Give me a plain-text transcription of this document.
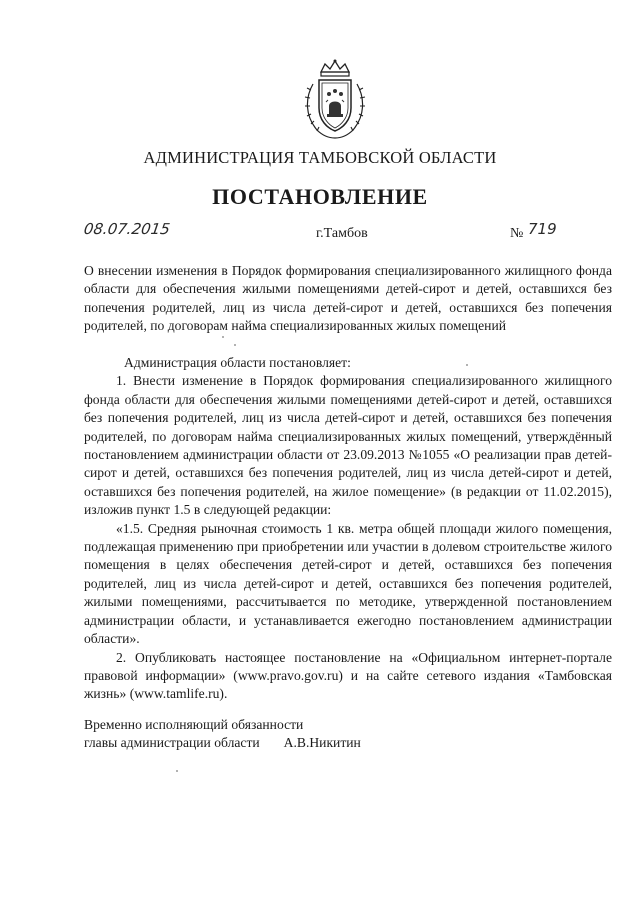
АДМИНИСТРАЦИЯ ТАМБОВСКОЙ ОБЛАСТИ
ПОСТАНОВЛЕНИЕ
08.07.2015	г.Тамбов	№ 719
О внесении изменения в Порядок формирования специализированного жилищного фонда области для обеспечения жилыми помещениями детей-сирот и детей, оставшихся без попечения родителей, лиц из числа детей-сирот и детей, оставшихся без попечения родителей, по договорам найма специализированных жилых помещений

Администрация области постановляет:

1. Внести изменение в Порядок формирования специализированного жилищного фонда области для обеспечения жилыми помещениями детей-сирот и детей, оставшихся без попечения родителей, лиц из числа детей-сирот и детей, оставшихся без попечения родителей, по договорам найма специализированных жилых помещений, утверждённый постановлением администрации области от 23.09.2013 №1055 «О реализации прав детей-сирот и детей, оставшихся без попечения родителей, лиц из числа детей-сирот и детей, оставшихся без попечения родителей, на жилое помещение» (в редакции от 11.02.2015), изложив пункт 1.5 в следующей редакции:

«1.5. Средняя рыночная стоимость 1 кв. метра общей площади жилого помещения, подлежащая применению при приобретении или участии в долевом строительстве жилого помещения в целях обеспечения детей-сирот и детей, оставшихся без попечения родителей, лиц из числа детей-сирот и детей, оставшихся без попечения родителей, жилыми помещениями, рассчитывается по методике, утвержденной постановлением администрации области, и устанавливается ежегодно постановлением администрации области».

2. Опубликовать настоящее постановление на «Официальном интернет-портале правовой информации» (www.pravo.gov.ru) и на сайте сетевого издания «Тамбовская жизнь» (www.tamlife.ru).

Временно исполняющий обязанности
главы администрации области А.В.Никитин
